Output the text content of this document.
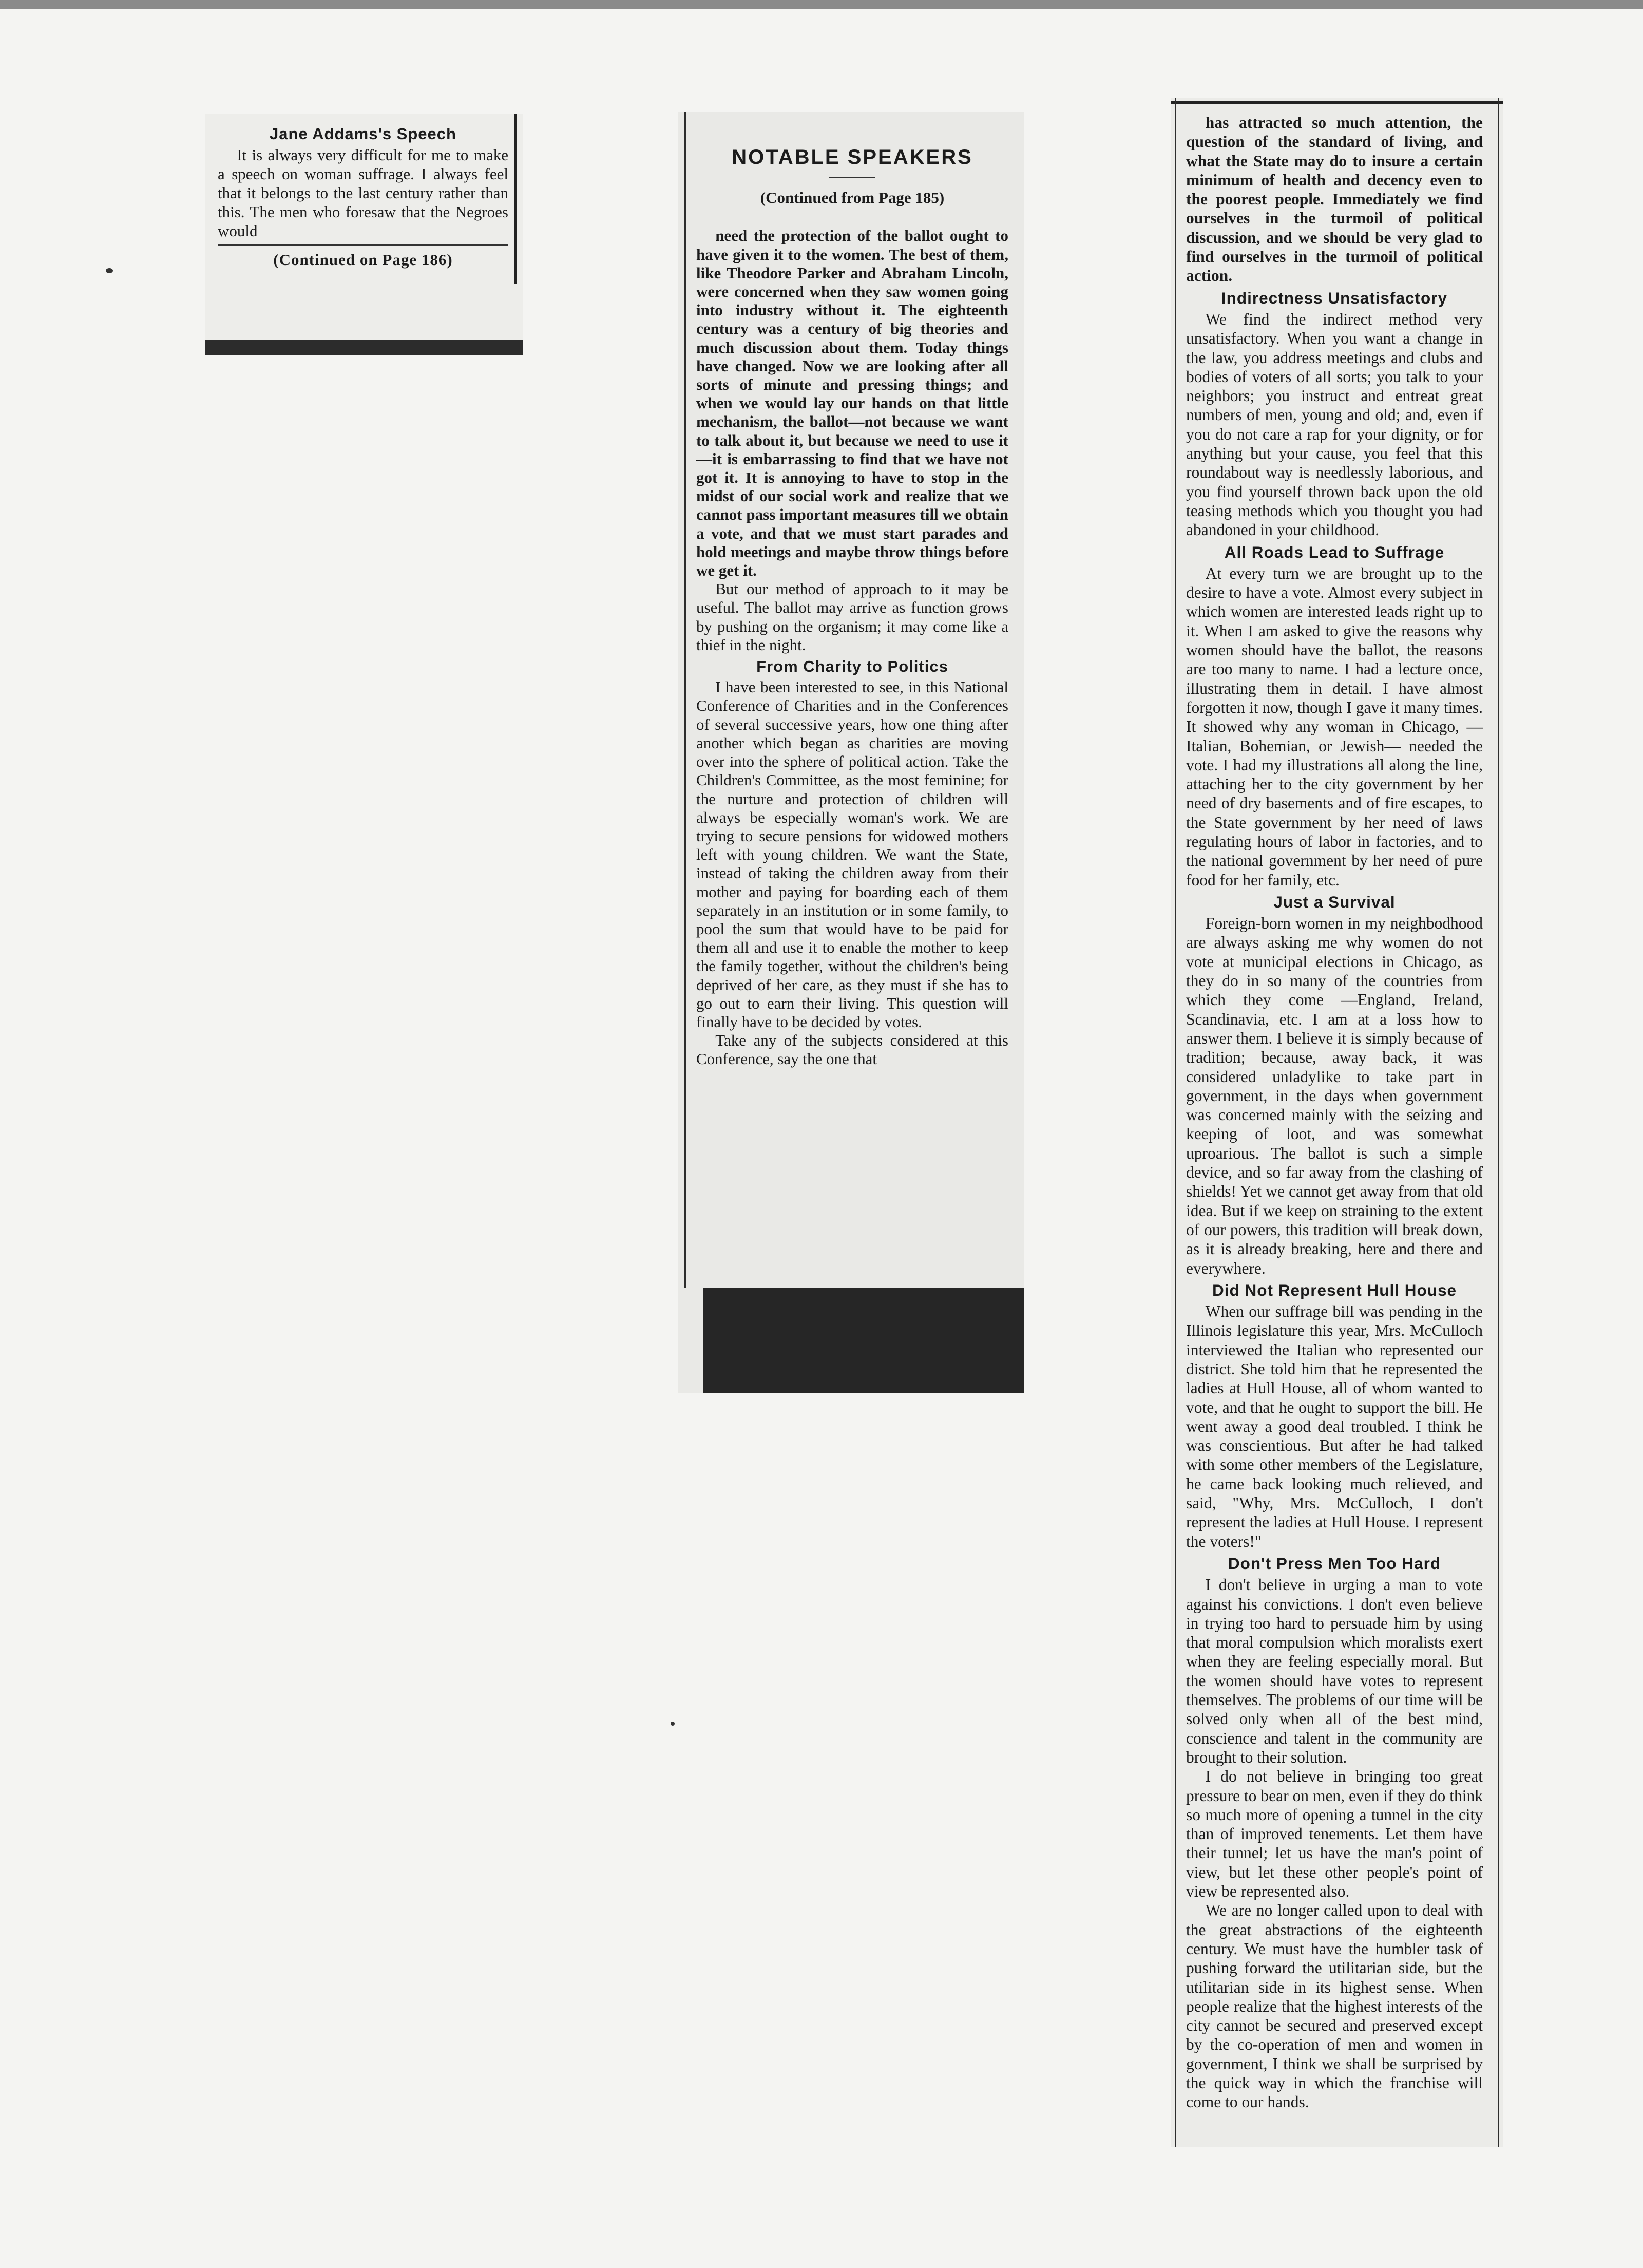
Jane Addams's Speech

It is always very difficult for me to make a speech on woman suffrage. I always feel that it belongs to the last century rather than this. The men who foresaw that the Negroes would

(Continued on Page 186)
NOTABLE SPEAKERS
(Continued from Page 185)

need the protection of the ballot ought to have given it to the women. The best of them, like Theodore Parker and Abraham Lincoln, were concerned when they saw women going into industry without it. The eighteenth century was a century of big theories and much discussion about them. Today things have changed. Now we are looking after all sorts of minute and pressing things; and when we would lay our hands on that little mechanism, the ballot—not because we want to talk about it, but because we need to use it—it is embarrassing to find that we have not got it. It is annoying to have to stop in the midst of our social work and realize that we cannot pass important measures till we obtain a vote, and that we must start parades and hold meetings and maybe throw things before we get it.

But our method of approach to it may be useful. The ballot may arrive as function grows by pushing on the organism; it may come like a thief in the night.

From Charity to Politics

I have been interested to see, in this National Conference of Charities and in the Conferences of several successive years, how one thing after another which began as charities are moving over into the sphere of political action. Take the Children's Committee, as the most feminine; for the nurture and protection of children will always be especially woman's work. We are trying to secure pensions for widowed mothers left with young children. We want the State, instead of taking the children away from their mother and paying for boarding each of them separately in an institution or in some family, to pool the sum that would have to be paid for them all and use it to enable the mother to keep the family together, without the children's being deprived of her care, as they must if she has to go out to earn their living. This question will finally have to be decided by votes.

Take any of the subjects considered at this Conference, say the one that

has attracted so much attention, the question of the standard of living, and what the State may do to insure a certain minimum of health and decency even to the poorest people. Immediately we find ourselves in the turmoil of political discussion, and we should be very glad to find ourselves in the turmoil of political action.

Indirectness Unsatisfactory

We find the indirect method very unsatisfactory. When you want a change in the law, you address meetings and clubs and bodies of voters of all sorts; you talk to your neighbors; you instruct and entreat great numbers of men, young and old; and, even if you do not care a rap for your dignity, or for anything but your cause, you feel that this roundabout way is needlessly laborious, and you find yourself thrown back upon the old teasing methods which you thought you had abandoned in your childhood.

All Roads Lead to Suffrage

At every turn we are brought up to the desire to have a vote. Almost every subject in which women are interested leads right up to it. When I am asked to give the reasons why women should have the ballot, the reasons are too many to name. I had a lecture once, illustrating them in detail. I have almost forgotten it now, though I gave it many times. It showed why any woman in Chicago, —Italian, Bohemian, or Jewish— needed the vote. I had my illustrations all along the line, attaching her to the city government by her need of dry basements and of fire escapes, to the State government by her need of laws regulating hours of labor in factories, and to the national government by her need of pure food for her family, etc.

Just a Survival

Foreign-born women in my neighbodhood are always asking me why women do not vote at municipal elections in Chicago, as they do in so many of the countries from which they come —England, Ireland, Scandinavia, etc. I am at a loss how to answer them. I believe it is simply because of tradition; because, away back, it was considered unladylike to take part in government, in the days when government was concerned mainly with the seizing and keeping of loot, and was somewhat uproarious. The ballot is such a simple device, and so far away from the clashing of shields! Yet we cannot get away from that old idea. But if we keep on straining to the extent of our powers, this tradition will break down, as it is already breaking, here and there and everywhere.

Did Not Represent Hull House

When our suffrage bill was pending in the Illinois legislature this year, Mrs. McCulloch interviewed the Italian who represented our district. She told him that he represented the ladies at Hull House, all of whom wanted to vote, and that he ought to support the bill. He went away a good deal troubled. I think he was conscientious. But after he had talked with some other members of the Legislature, he came back looking much relieved, and said, "Why, Mrs. McCulloch, I don't represent the ladies at Hull House. I represent the voters!"

Don't Press Men Too Hard

I don't believe in urging a man to vote against his convictions. I don't even believe in trying too hard to persuade him by using that moral compulsion which moralists exert when they are feeling especially moral. But the women should have votes to represent themselves. The problems of our time will be solved only when all of the best mind, conscience and talent in the community are brought to their solution.

I do not believe in bringing too great pressure to bear on men, even if they do think so much more of opening a tunnel in the city than of improved tenements. Let them have their tunnel; let us have the man's point of view, but let these other people's point of view be represented also.

We are no longer called upon to deal with the great abstractions of the eighteenth century. We must have the humbler task of pushing forward the utilitarian side, but the utilitarian side in its highest sense. When people realize that the highest interests of the city cannot be secured and preserved except by the co-operation of men and women in government, I think we shall be surprised by the quick way in which the franchise will come to our hands.
